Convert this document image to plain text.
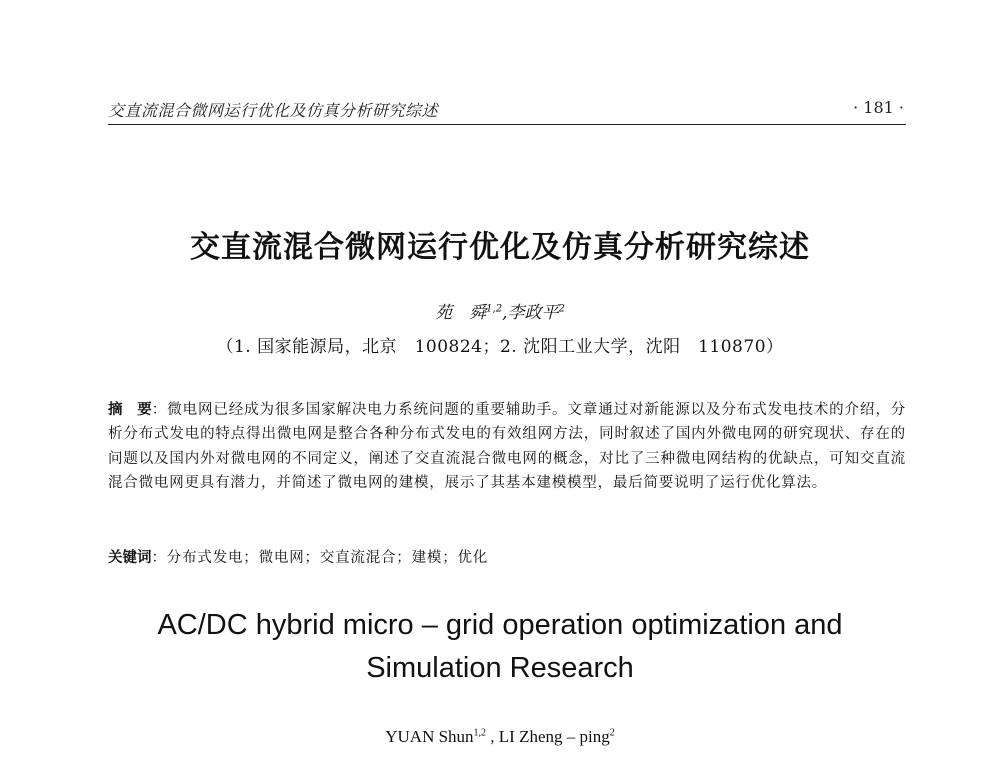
交直流混合微网运行优化及仿真分析研究综述	· 181 ·
交直流混合微网运行优化及仿真分析研究综述
苑　舜$^{1,2}$,李政平$^2$
（1. 国家能源局，北京　100824；2. 沈阳工业大学，沈阳　110870）
摘　要：微电网已经成为很多国家解决电力系统问题的重要辅助手。文章通过对新能源以及分布式发电技术的介绍，分析分布式发电的特点得出微电网是整合各种分布式发电的有效组网方法，同时叙述了国内外微电网的研究现状、存在的问题以及国内外对微电网的不同定义，阐述了交直流混合微电网的概念，对比了三种微电网结构的优缺点，可知交直流混合微电网更具有潜力，并简述了微电网的建模，展示了其基本建模模型，最后简要说明了运行优化算法。
关键词：分布式发电；微电网；交直流混合；建模；优化
AC/DC hybrid micro – grid operation optimization and
Simulation Research
YUAN Shun$^{1,2}$ , LI Zheng – ping$^2$
